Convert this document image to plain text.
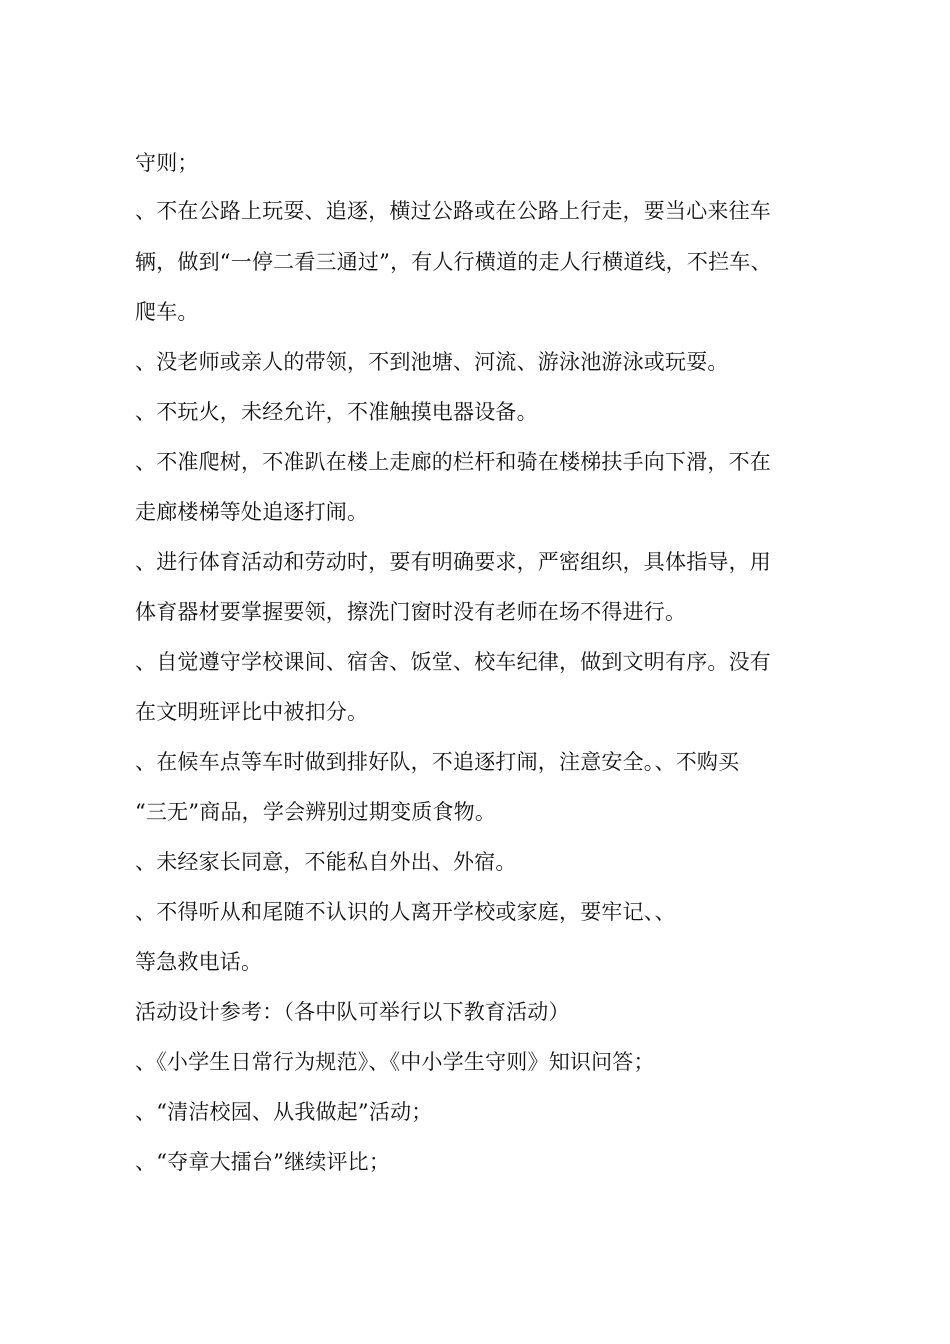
守则；
、不在公路上玩耍、追逐，横过公路或在公路上行走，要当心来往车
辆，做到“一停二看三通过”，有人行横道的走人行横道线，不拦车、
爬车。
、没老师或亲人的带领，不到池塘、河流、游泳池游泳或玩耍。
、不玩火，未经允许，不准触摸电器设备。
、不准爬树，不准趴在楼上走廊的栏杆和骑在楼梯扶手向下滑，不在
走廊楼梯等处追逐打闹。
、进行体育活动和劳动时，要有明确要求，严密组织，具体指导，用
体育器材要掌握要领，擦洗门窗时没有老师在场不得进行。
、自觉遵守学校课间、宿舍、饭堂、校车纪律，做到文明有序。没有
在文明班评比中被扣分。
、在候车点等车时做到排好队，不追逐打闹，注意安全。、不购买
“三无”商品，学会辨别过期变质食物。
、未经家长同意，不能私自外出、外宿。
、不得听从和尾随不认识的人离开学校或家庭，要牢记、、
等急救电话。
活动设计参考：（各中队可举行以下教育活动）
、《小学生日常行为规范》、《中小学生守则》知识问答；
、“清洁校园、从我做起”活动；
、“夺章大擂台”继续评比；
